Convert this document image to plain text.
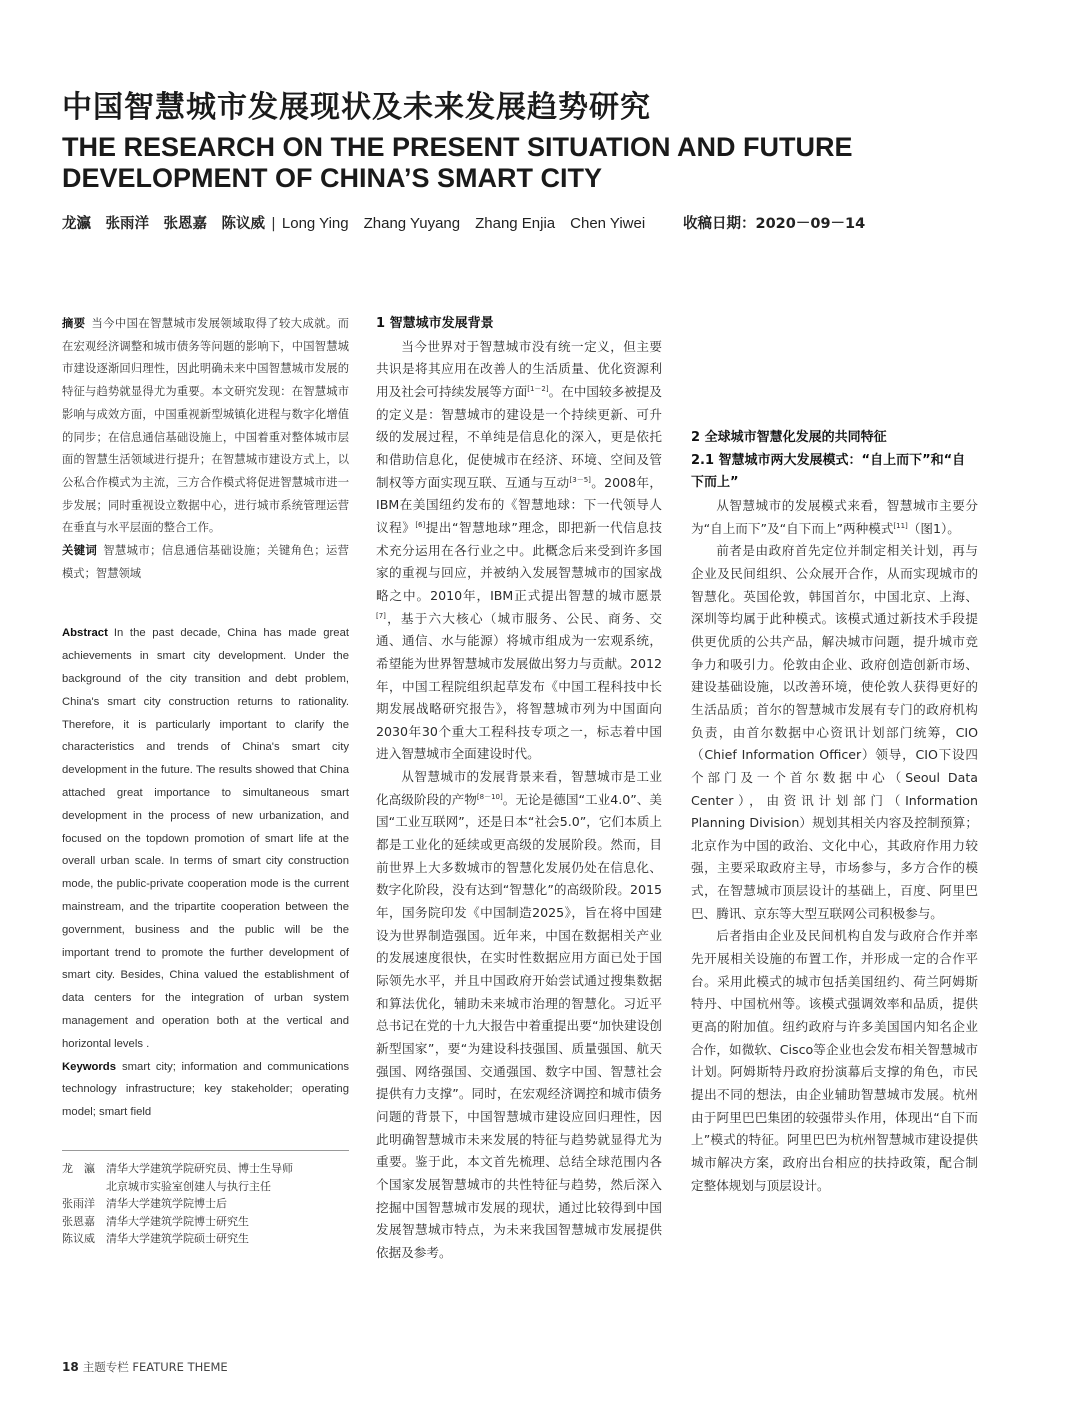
中国智慧城市发展现状及未来发展趋势研究
THE RESEARCH ON THE PRESENT SITUATION AND FUTURE
DEVELOPMENT OF CHINA’S SMART CITY
龙瀛　张雨洋　张恩嘉　陈议威 | Long Ying　Zhang Yuyang　Zhang Enjia　Chen Yiwei	收稿日期：2020－09－14

摘要 当今中国在智慧城市发展领域取得了较大成就。而在宏观经济调整和城市债务等问题的影响下，中国智慧城市建设逐渐回归理性，因此明确未来中国智慧城市发展的特征与趋势就显得尤为重要。本文研究发现：在智慧城市影响与成效方面，中国重视新型城镇化进程与数字化增值的同步；在信息通信基础设施上，中国着重对整体城市层面的智慧生活领域进行提升；在智慧城市建设方式上，以公私合作模式为主流，三方合作模式将促进智慧城市进一步发展；同时重视设立数据中心，进行城市系统管理运营在垂直与水平层面的整合工作。

关键词 智慧城市；信息通信基础设施；关键角色；运营模式；智慧领域

Abstract In the past decade, China has made great achievements in smart city development. Under the background of the city transition and debt problem, China's smart city construction returns to rationality. Therefore, it is particularly important to clarify the characteristics and trends of China's smart city development in the future. The results showed that China attached great importance to simultaneous smart development in the process of new urbanization, and focused on the topdown promotion of smart life at the overall urban scale. In terms of smart city construction mode, the public-private cooperation mode is the current mainstream, and the tripartite cooperation between the government, business and the public will be the important trend to promote the further development of smart city. Besides, China valued the establishment of data centers for the integration of urban system management and operation both at the vertical and horizontal levels .

Keywords smart city; information and communications technology infrastructure; key stakeholder; operating model; smart field

龙　瀛	清华大学建筑学院研究员、博士生导师
北京城市实验室创建人与执行主任
张雨洋	清华大学建筑学院博士后
张恩嘉	清华大学建筑学院博士研究生
陈议威	清华大学建筑学院硕士研究生

1 智慧城市发展背景

当今世界对于智慧城市没有统一定义，但主要共识是将其应用在改善人的生活质量、优化资源利用及社会可持续发展等方面[1－2]。在中国较多被提及的定义是：智慧城市的建设是一个持续更新、可升级的发展过程，不单纯是信息化的深入，更是依托和借助信息化，促使城市在经济、环境、空间及管制权等方面实现互联、互通与互动[3－5]。2008年，IBM在美国纽约发布的《智慧地球：下一代领导人议程》[6]提出“智慧地球”理念，即把新一代信息技术充分运用在各行业之中。此概念后来受到许多国家的重视与回应，并被纳入发展智慧城市的国家战略之中。2010年，IBM正式提出智慧的城市愿景[7]，基于六大核心（城市服务、公民、商务、交通、通信、水与能源）将城市组成为一宏观系统，希望能为世界智慧城市发展做出努力与贡献。2012年，中国工程院组织起草发布《中国工程科技中长期发展战略研究报告》，将智慧城市列为中国面向2030年30个重大工程科技专项之一，标志着中国进入智慧城市全面建设时代。

从智慧城市的发展背景来看，智慧城市是工业化高级阶段的产物[8－10]。无论是德国“工业4.0”、美国“工业互联网”，还是日本“社会5.0”，它们本质上都是工业化的延续或更高级的发展阶段。然而，目前世界上大多数城市的智慧化发展仍处在信息化、数字化阶段，没有达到“智慧化”的高级阶段。2015年，国务院印发《中国制造2025》，旨在将中国建设为世界制造强国。近年来，中国在数据相关产业的发展速度很快，在实时性数据应用方面已处于国际领先水平，并且中国政府开始尝试通过搜集数据和算法优化，辅助未来城市治理的智慧化。习近平总书记在党的十九大报告中着重提出要“加快建设创新型国家”，要“为建设科技强国、质量强国、航天强国、网络强国、交通强国、数字中国、智慧社会提供有力支撑”。同时，在宏观经济调控和城市债务问题的背景下，中国智慧城市建设应回归理性，因此明确智慧城市未来发展的特征与趋势就显得尤为重要。鉴于此，本文首先梳理、总结全球范围内各个国家发展智慧城市的共性特征与趋势，然后深入挖掘中国智慧城市发展的现状，通过比较得到中国发展智慧城市特点，为未来我国智慧城市发展提供依据及参考。

2 全球城市智慧化发展的共同特征

2.1 智慧城市两大发展模式：“自上而下”和“自下而上”

从智慧城市的发展模式来看，智慧城市主要分为“自上而下”及“自下而上”两种模式[11]（图1）。

前者是由政府首先定位并制定相关计划，再与企业及民间组织、公众展开合作，从而实现城市的智慧化。英国伦敦，韩国首尔，中国北京、上海、深圳等均属于此种模式。该模式通过新技术手段提供更优质的公共产品，解决城市问题，提升城市竞争力和吸引力。伦敦由企业、政府创造创新市场、建设基础设施，以改善环境，使伦敦人获得更好的生活品质；首尔的智慧城市发展有专门的政府机构负责，由首尔数据中心资讯计划部门统筹，CIO（Chief Information Officer）领导，CIO下设四个部门及一个首尔数据中心（Seoul Data Center），由资讯计划部门（Information Planning Division）规划其相关内容及控制预算；北京作为中国的政治、文化中心，其政府作用力较强，主要采取政府主导，市场参与，多方合作的模式，在智慧城市顶层设计的基础上，百度、阿里巴巴、腾讯、京东等大型互联网公司积极参与。

后者指由企业及民间机构自发与政府合作并率先开展相关设施的布置工作，并形成一定的合作平台。采用此模式的城市包括美国纽约、荷兰阿姆斯特丹、中国杭州等。该模式强调效率和品质，提供更高的附加值。纽约政府与许多美国国内知名企业合作，如微软、Cisco等企业也会发布相关智慧城市计划。阿姆斯特丹政府扮演幕后支撑的角色，市民提出不同的想法，由企业辅助智慧城市发展。杭州由于阿里巴巴集团的较强带头作用，体现出“自下而上”模式的特征。阿里巴巴为杭州智慧城市建设提供城市解决方案，政府出台相应的扶持政策，配合制定整体规划与顶层设计。

18 主题专栏 FEATURE THEME
